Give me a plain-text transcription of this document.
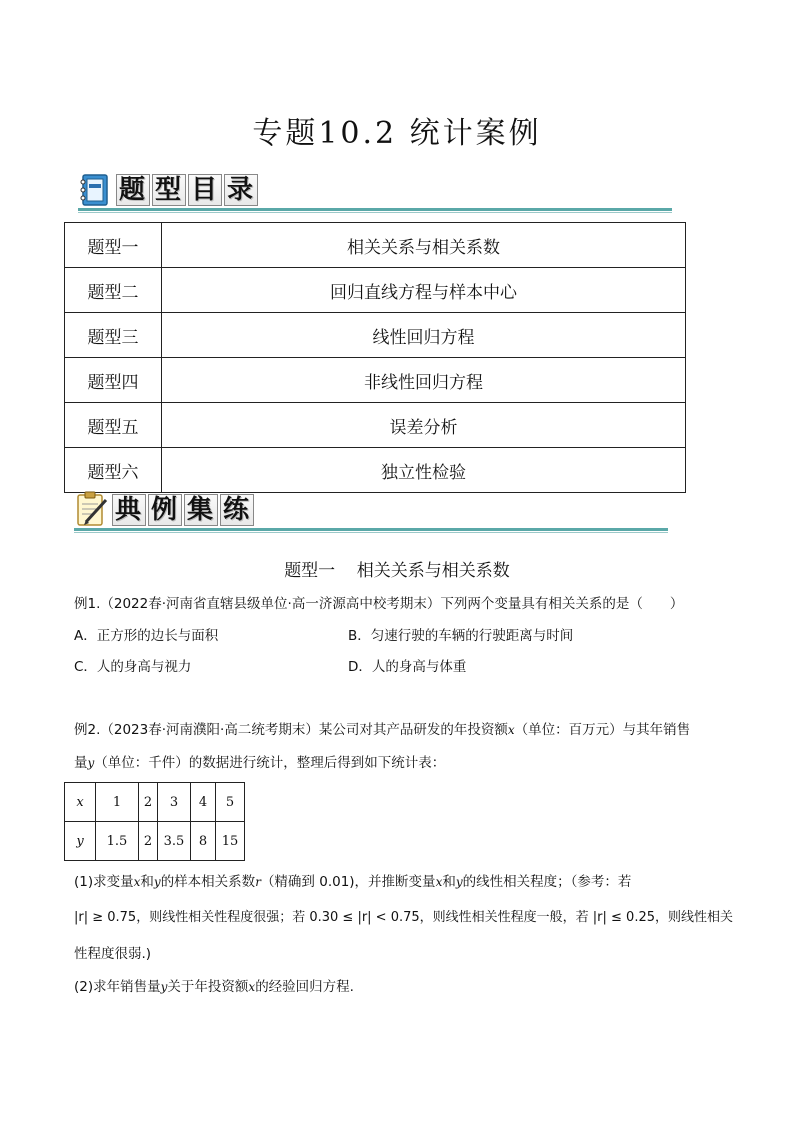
专题10.2 统计案例
题 型 目 录
题型一	相关关系与相关系数
题型二	回归直线方程与样本中心
题型三	线性回归方程
题型四	非线性回归方程
题型五	误差分析
题型六	独立性检验
典 例 集 练
题型一    相关关系与相关系数
例1.（2022春·河南省直辖县级单位·高一济源高中校考期末）下列两个变量具有相关关系的是（　　）
A．正方形的边长与面积	B．匀速行驶的车辆的行驶距离与时间
C．人的身高与视力	D．人的身高与体重
例2.（2023春·河南濮阳·高二统考期末）某公司对其产品研发的年投资额x（单位：百万元）与其年销售
量y（单位：千件）的数据进行统计，整理后得到如下统计表：
x	1	2	3	4	5
y	1.5	2	3.5	8	15
(1)求变量x和y的样本相关系数r（精确到 0.01)，并推断变量x和y的线性相关程度；（参考：若
|r| ≥ 0.75，则线性相关性程度很强；若 0.30 ≤ |r| < 0.75，则线性相关性程度一般，若 |r| ≤ 0.25，则线性相关
性程度很弱.)
(2)求年销售量y关于年投资额x的经验回归方程.
